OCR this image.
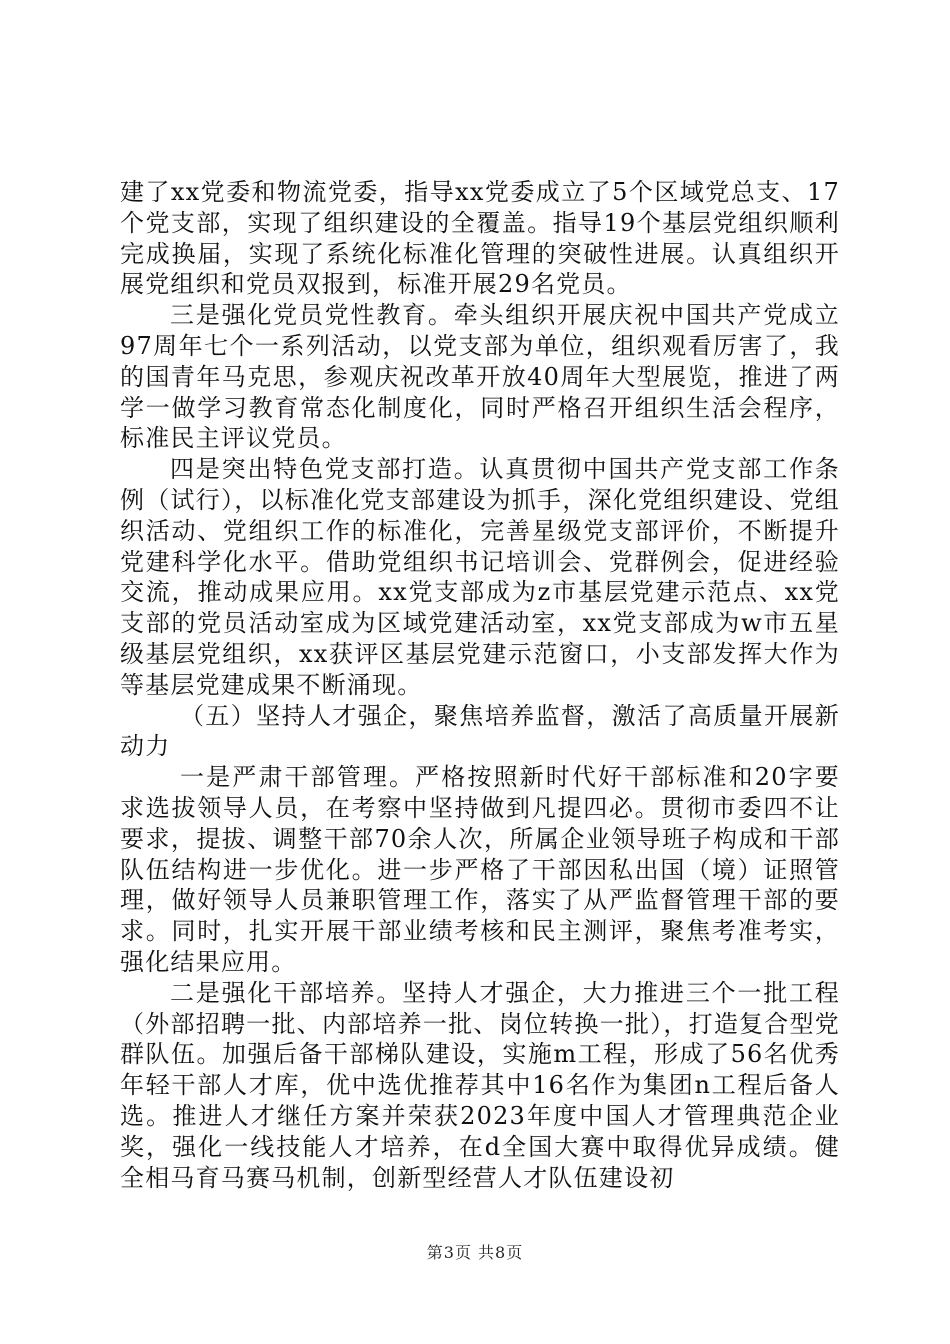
建了xx党委和物流党委，指导xx党委成立了5个区域党总支、17个党支部，实现了组织建设的全覆盖。指导19个基层党组织顺利完成换届，实现了系统化标准化管理的突破性进展。认真组织开展党组织和党员双报到，标准开展29名党员。

三是强化党员党性教育。牵头组织开展庆祝中国共产党成立97周年七个一系列活动，以党支部为单位，组织观看厉害了，我的国青年马克思，参观庆祝改革开放40周年大型展览，推进了两学一做学习教育常态化制度化，同时严格召开组织生活会程序，标准民主评议党员。

四是突出特色党支部打造。认真贯彻中国共产党支部工作条例（试行），以标准化党支部建设为抓手，深化党组织建设、党组织活动、党组织工作的标准化，完善星级党支部评价，不断提升党建科学化水平。借助党组织书记培训会、党群例会，促进经验交流，推动成果应用。xx党支部成为z市基层党建示范点、xx党支部的党员活动室成为区域党建活动室，xx党支部成为w市五星级基层党组织，xx获评区基层党建示范窗口，小支部发挥大作为等基层党建成果不断涌现。

（五）坚持人才强企，聚焦培养监督，激活了高质量开展新动力

一是严肃干部管理。严格按照新时代好干部标准和20字要求选拔领导人员，在考察中坚持做到凡提四必。贯彻市委四不让要求，提拔、调整干部70余人次，所属企业领导班子构成和干部队伍结构进一步优化。进一步严格了干部因私出国（境）证照管理，做好领导人员兼职管理工作，落实了从严监督管理干部的要求。同时，扎实开展干部业绩考核和民主测评，聚焦考准考实，强化结果应用。

二是强化干部培养。坚持人才强企，大力推进三个一批工程（外部招聘一批、内部培养一批、岗位转换一批），打造复合型党群队伍。加强后备干部梯队建设，实施m工程，形成了56名优秀年轻干部人才库，优中选优推荐其中16名作为集团n工程后备人选。推进人才继任方案并荣获2023年度中国人才管理典范企业奖，强化一线技能人才培养，在d全国大赛中取得优异成绩。健全相马育马赛马机制，创新型经营人才队伍建设初

第3页 共8页
